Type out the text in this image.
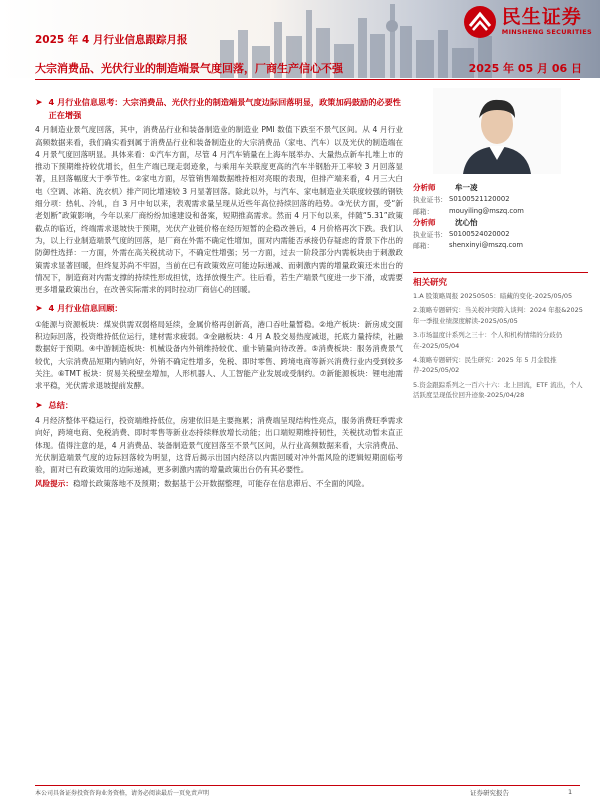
民生证券
MINSHENG SECURITIES
2025 年 4 月行业信息跟踪月报
大宗消费品、光伏行业的制造端景气度回落，厂商生产信心不强	2025 年 05 月 06 日
➤ 4 月行业信息思考：大宗消费品、光伏行业的制造端景气度边际回落明显，政策加码鼓励的必要性正在增强

4 月制造业景气度回落，其中，消费品行业和装备制造业的制造业 PMI 数值下跌至不景气区间。从 4 月行业高频数据来看，我们确实看到属于消费品行业和装备制造业的大宗消费品（家电、汽车）以及光伏的制造端在 4 月景气度回落明显。具体来看：①汽车方面，尽管 4 月汽车销量在上海车展举办、大量热点新车扎堆上市的推动下预期维持较优增长，但生产端已现走弱迹象，与乘用车关联度更高的汽车半钢胎开工率较 3 月回落显著，且回落幅度大于季节性。②家电方面，尽管销售端数据维持相对亮眼的表现，但排产端来看，4 月三大白电（空调、冰箱、洗衣机）排产同比增速较 3 月显著回落。除此以外，与汽车、家电制造业关联度较强的钢铁细分项：热轧、冷轧，自 3 月中旬以来，表观需求量呈现从近些年高位持续回落的趋势。③光伏方面，受“新老划断”政策影响，今年以来厂商纷纷加速建设和备案，短期推高需求。然而 4 月下旬以来，伴随“5.31”政策截点的临近，终端需求退坡快于预期，光伏产业链价格在经历短暂的企稳改善后，4 月价格再次下跌。我们认为，以上行业制造端景气度的回落，是厂商在外需不确定性增加，面对内需能否承接仍存疑虑的背景下作出的防御性选择：一方面，外需在高关税扰动下，不确定性增强；另一方面，过去一阶段部分内需板块由于刺激政策需求显著回暖，但终复苏尚不牢固，当前在已有政策效应可能边际递减、而刺激内需的增量政策还未出台的情况下，制造商对内需支撑的持续性形成担忧，选择放慢生产。往后看，若生产端景气度进一步下滑，或需要更多增量政策出台，在改善实际需求的同时拉动厂商信心的回暖。

➤ 4 月行业信息回顾：

①能源与资源板块：煤炭供需双弱格局延续，金属价格再创新高，港口吞吐量暂稳。②地产板块：新房成交面积边际回落，投资维持低位运行，建材需求疲弱。③金融板块：4 月 A 股交易热度减退，托底力量持续，社融数据好于预期。④中游制造板块：机械设备内外销维持较优、重卡销量向待改善。⑤消费板块：服务消费景气较优，大宗消费品短期内销向好，外销不确定性增多，免税、即时零售、跨境电商等新兴消费行业内受到较多关注。⑥TMT 板块：贸易关税壁垒增加，人形机器人、人工智能产业发展或受制约。⑦新能源板块：锂电池需求平稳，光伏需求退坡提前发酵。

➤ 总结：

4 月经济整体平稳运行，投资端维持低位，房建依旧是主要拖累；消费端呈现结构性亮点，服务消费旺季需求向好，跨境电商、免税消费、即时零售等新业态持续释放增长动能；出口端短期维持韧性，关税扰动暂未直正体现。值得注意的是，4 月消费品、装备制造景气度回落至不景气区间，从行业高频数据来看，大宗消费品、光伏制造端景气度的边际回落较为明显，这背后揭示出国内经济以内需回暖对冲外需风险的逻辑短期面临考验，面对已有政策效用的边际递减，更多刺激内需的增量政策出台仍有其必要性。

风险提示：稳增长政策落地不及预期；数据基于公开数据整理，可能存在信息滞后、不全面的风险。

分析师	牟一凌
执业证书： S0100521120002
邮箱：	mouyiling@mszq.com
分析师	沈心怡
执业证书： S0100524020002
邮箱：	shenxinyi@mszq.com
相关研究
1.A 股策略周报 20250505：暗藏的变化-2025/05/05
2.策略专题研究：当关税冲突跨入谈判：2024 年报&2025 年一季报业绩深度解读-2025/05/05
3.市场温度计系列之三十：个人和机构情绪的分歧仍在-2025/05/04
4.策略专题研究：民生研究：2025 年 5 月金股推荐-2025/05/02
5.资金跟踪系列之一百六十六：北上回流，ETF 流出，个人活跃度呈现低位回升迹象-2025/04/28
本公司具备证券投资咨询业务资格，请务必阅读最后一页免责声明	证券研究报告	1
